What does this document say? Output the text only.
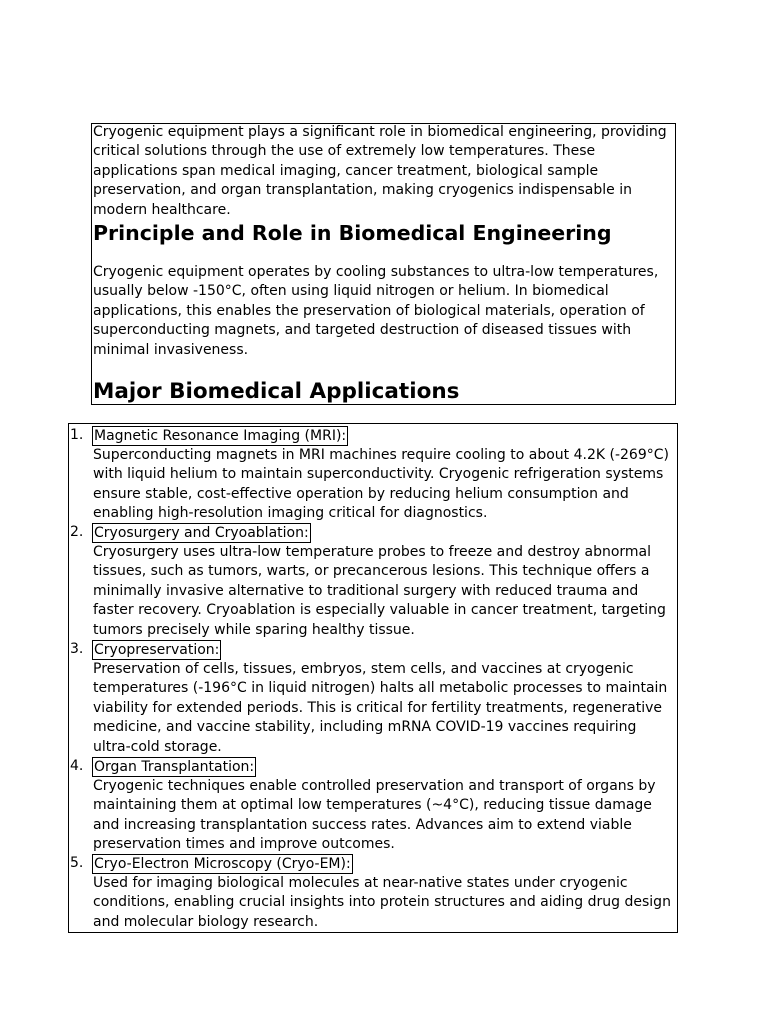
Cryogenic equipment plays a significant role in biomedical engineering, providing critical solutions through the use of extremely low temperatures. These applications span medical imaging, cancer treatment, biological sample preservation, and organ transplantation, making cryogenics indispensable in modern healthcare.

Principle and Role in Biomedical Engineering

Cryogenic equipment operates by cooling substances to ultra-low temperatures, usually below -150°C, often using liquid nitrogen or helium. In biomedical applications, this enables the preservation of biological materials, operation of superconducting magnets, and targeted destruction of diseased tissues with minimal invasiveness.

Major Biomedical Applications
1. Magnetic Resonance Imaging (MRI):

Superconducting magnets in MRI machines require cooling to about 4.2K (-269°C) with liquid helium to maintain superconductivity. Cryogenic refrigeration systems ensure stable, cost-effective operation by reducing helium consumption and enabling high-resolution imaging critical for diagnostics.

2. Cryosurgery and Cryoablation:

Cryosurgery uses ultra-low temperature probes to freeze and destroy abnormal tissues, such as tumors, warts, or precancerous lesions. This technique offers a minimally invasive alternative to traditional surgery with reduced trauma and faster recovery. Cryoablation is especially valuable in cancer treatment, targeting tumors precisely while sparing healthy tissue.

3. Cryopreservation:

Preservation of cells, tissues, embryos, stem cells, and vaccines at cryogenic temperatures (-196°C in liquid nitrogen) halts all metabolic processes to maintain viability for extended periods. This is critical for fertility treatments, regenerative medicine, and vaccine stability, including mRNA COVID-19 vaccines requiring ultra-cold storage.

4. Organ Transplantation:

Cryogenic techniques enable controlled preservation and transport of organs by maintaining them at optimal low temperatures (~4°C), reducing tissue damage and increasing transplantation success rates. Advances aim to extend viable preservation times and improve outcomes.

5. Cryo-Electron Microscopy (Cryo-EM):

Used for imaging biological molecules at near-native states under cryogenic conditions, enabling crucial insights into protein structures and aiding drug design and molecular biology research.
